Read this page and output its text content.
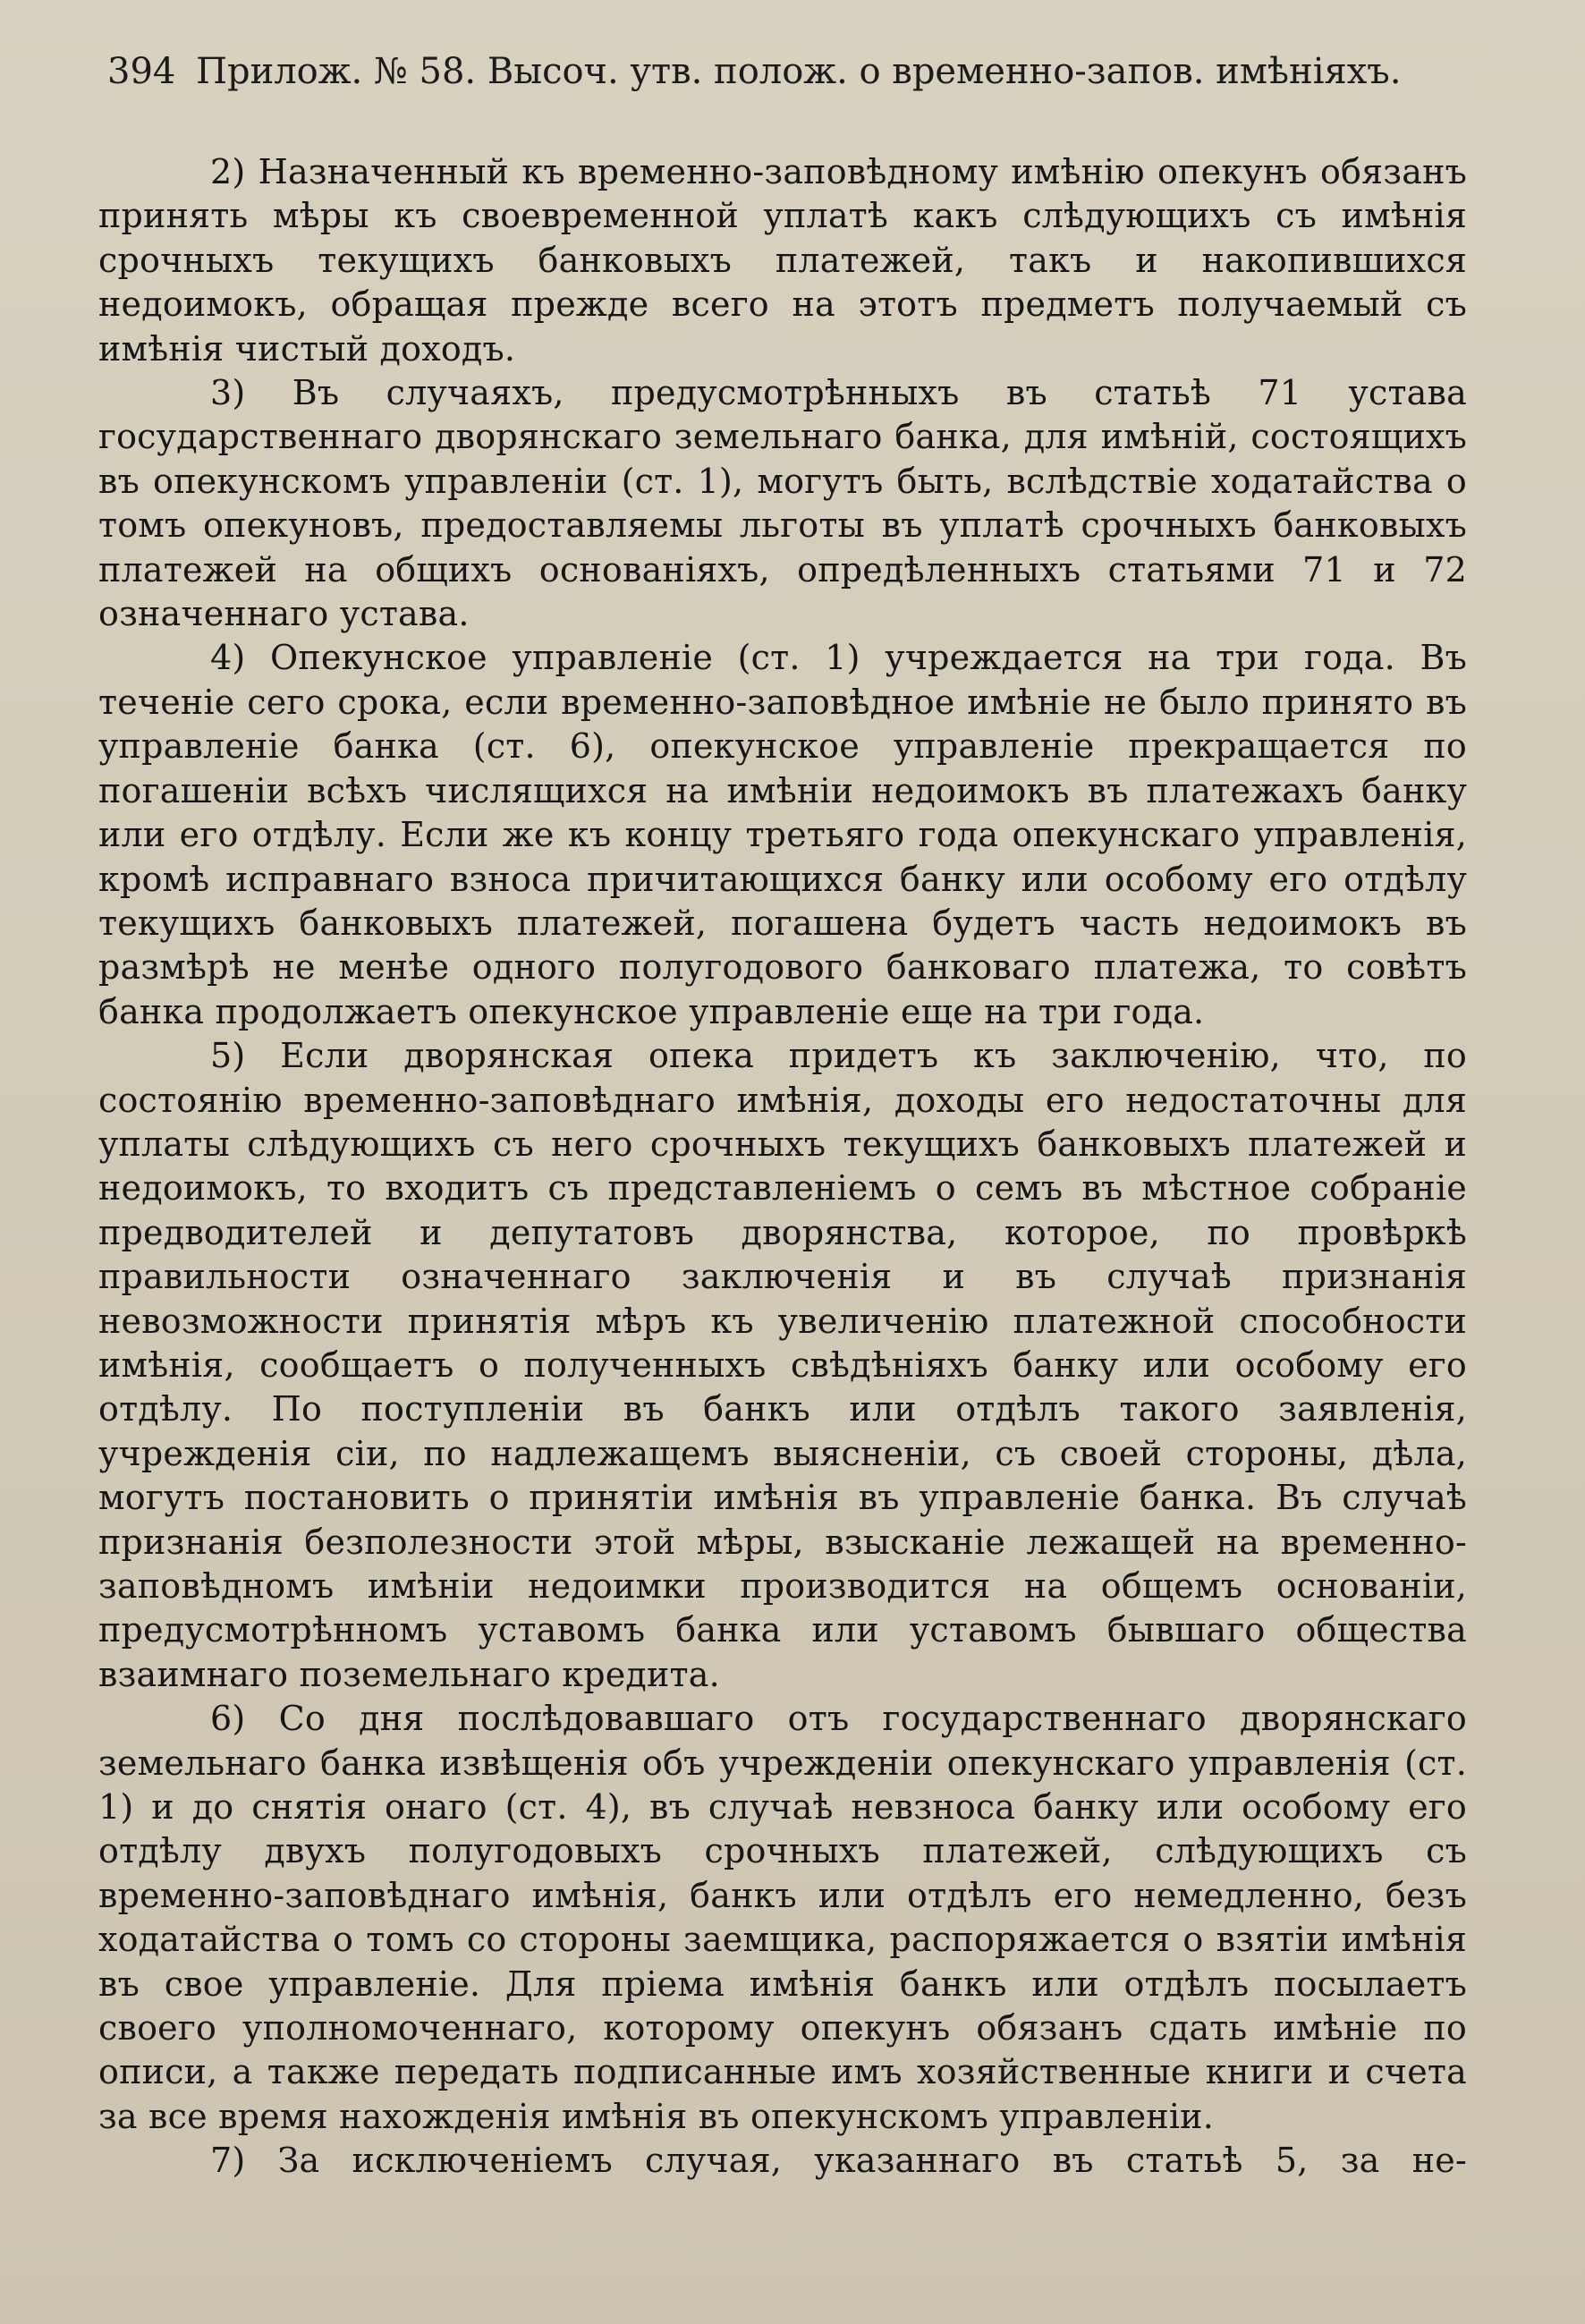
394 Прилож. № 58. Высоч. утв. полож. о временно-запов. имѣніяхъ.

2) Назначенный къ временно-заповѣдному имѣнію опекунъ обязанъ принять мѣры къ своевременной уплатѣ какъ слѣдующихъ съ имѣнія срочныхъ текущихъ банковыхъ платежей, такъ и накопившихся недоимокъ, обращая прежде всего на этотъ предметъ получаемый съ имѣнія чистый доходъ.

3) Въ случаяхъ, предусмотрѣнныхъ въ статьѣ 71 устава государственнаго дворянскаго земельнаго банка, для имѣній, состоящихъ въ опекунскомъ управленіи (ст. 1), могутъ быть, вслѣдствіе ходатайства о томъ опекуновъ, предоставляемы льготы въ уплатѣ срочныхъ банковыхъ платежей на общихъ основаніяхъ, опредѣленныхъ статьями 71 и 72 означеннаго устава.

4) Опекунское управленіе (ст. 1) учреждается на три года. Въ теченіе сего срока, если временно-заповѣдное имѣніе не было принято въ управленіе банка (ст. 6), опекунское управленіе прекращается по погашеніи всѣхъ числящихся на имѣніи недоимокъ въ платежахъ банку или его отдѣлу. Если же къ концу третьяго года опекунскаго управленія, кромѣ исправнаго взноса причитающихся банку или особому его отдѣлу текущихъ банковыхъ платежей, погашена будетъ часть недоимокъ въ размѣрѣ не менѣе одного полугодового банковаго платежа, то совѣтъ банка продолжаетъ опекунское управленіе еще на три года.

5) Если дворянская опека придетъ къ заключенію, что, по состоянію временно-заповѣднаго имѣнія, доходы его недостаточны для уплаты слѣдующихъ съ него срочныхъ текущихъ банковыхъ платежей и недоимокъ, то входитъ съ представленіемъ о семъ въ мѣстное собраніе предводителей и депутатовъ дворянства, которое, по провѣркѣ правильности означеннаго заключенія и въ случаѣ признанія невозможности принятія мѣръ къ увеличенію платежной способности имѣнія, сообщаетъ о полученныхъ свѣдѣніяхъ банку или особому его отдѣлу. По поступленіи въ банкъ или отдѣлъ такого заявленія, учрежденія сіи, по надлежащемъ выясненіи, съ своей стороны, дѣла, могутъ постановить о принятіи имѣнія въ управленіе банка. Въ случаѣ признанія безполезности этой мѣры, взысканіе лежащей на временно-заповѣдномъ имѣніи недоимки производится на общемъ основаніи, предусмотрѣнномъ уставомъ банка или уставомъ бывшаго общества взаимнаго поземельнаго кредита.

6) Со дня послѣдовавшаго отъ государственнаго дворянскаго земельнаго банка извѣщенія объ учрежденіи опекунскаго управленія (ст. 1) и до снятія онаго (ст. 4), въ случаѣ невзноса банку или особому его отдѣлу двухъ полугодовыхъ срочныхъ платежей, слѣдующихъ съ временно-заповѣднаго имѣнія, банкъ или отдѣлъ его немедленно, безъ ходатайства о томъ со стороны заемщика, распоряжается о взятіи имѣнія въ свое управленіе. Для пріема имѣнія банкъ или отдѣлъ посылаетъ своего уполномоченнаго, которому опекунъ обязанъ сдать имѣніе по описи, а также передать подписанные имъ хозяйственные книги и счета за все время нахожденія имѣнія въ опекунскомъ управленіи.

7) За исключеніемъ случая, указаннаго въ статьѣ 5, за не-
